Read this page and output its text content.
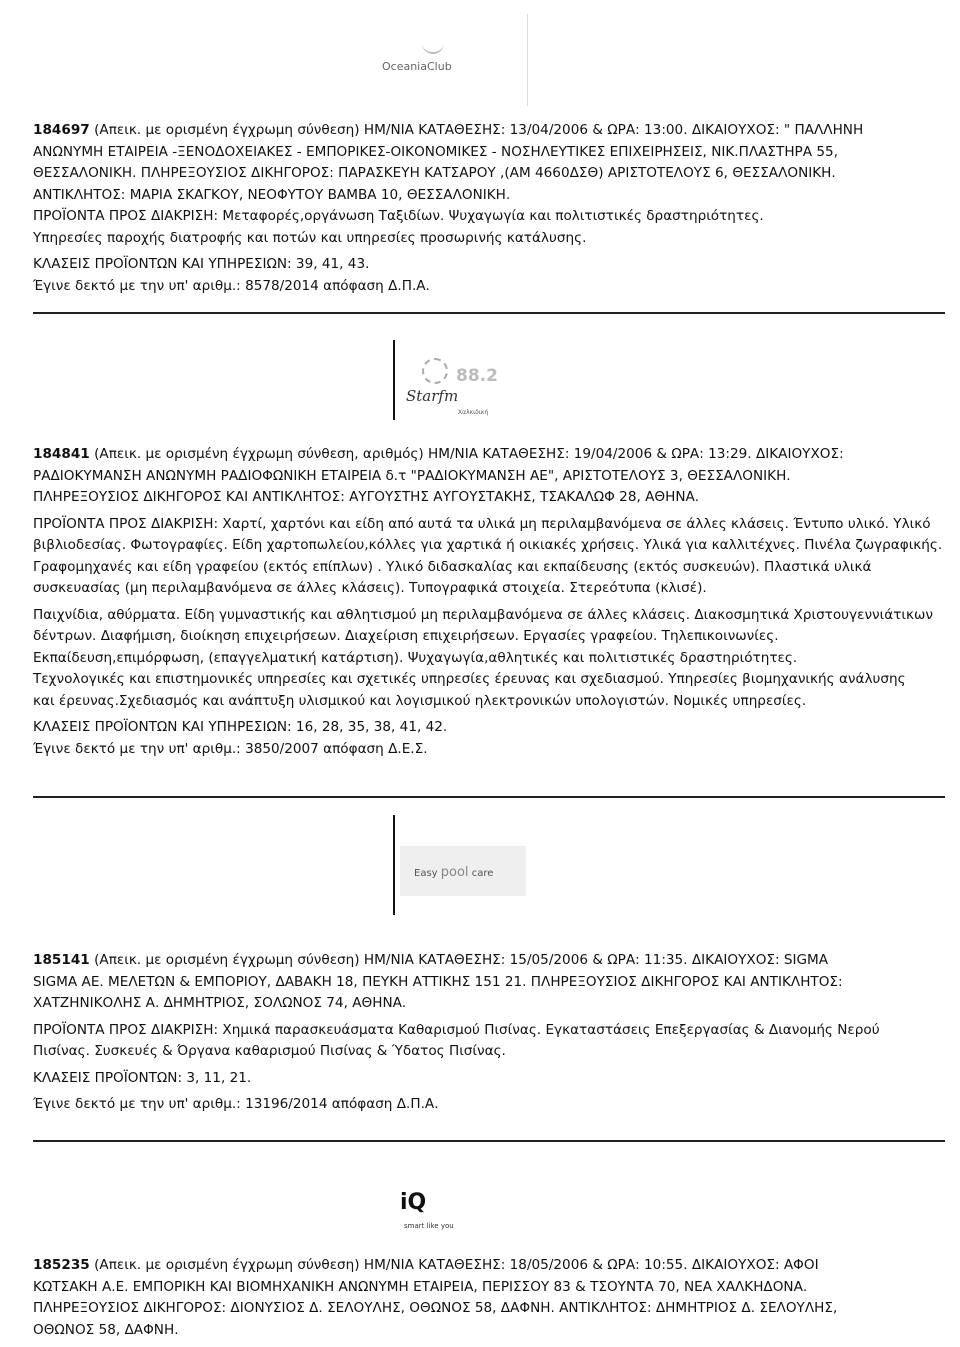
OceaniaClub

184697 (Απεικ. με ορισμένη έγχρωμη σύνθεση) ΗΜ/ΝΙΑ ΚΑΤΑΘΕΣΗΣ: 13/04/2006 & ΩΡΑ: 13:00. ΔΙΚΑΙΟΥΧΟΣ: " ΠΑΛΛΗΝΗ

ΑΝΩΝΥΜΗ ΕΤΑΙΡΕΙΑ -ΞΕΝΟΔΟΧΕΙΑΚΕΣ - ΕΜΠΟΡΙΚΕΣ-ΟΙΚΟΝΟΜΙΚΕΣ - ΝΟΣΗΛΕΥΤΙΚΕΣ ΕΠΙΧΕΙΡΗΣΕΙΣ, ΝΙΚ.ΠΛΑΣΤΗΡΑ 55,

ΘΕΣΣΑΛΟΝΙΚΗ. ΠΛΗΡΕΞΟΥΣΙΟΣ ΔΙΚΗΓΟΡΟΣ: ΠΑΡΑΣΚΕΥΗ ΚΑΤΣΑΡΟΥ ,(ΑΜ 4660ΔΣΘ) ΑΡΙΣΤΟΤΕΛΟΥΣ 6, ΘΕΣΣΑΛΟΝΙΚΗ.

ΑΝΤΙΚΛΗΤΟΣ: ΜΑΡΙΑ ΣΚΑΓΚΟΥ, ΝΕΟΦΥΤΟΥ ΒΑΜΒΑ 10, ΘΕΣΣΑΛΟΝΙΚΗ.

ΠΡΟΪΟΝΤΑ ΠΡΟΣ ΔΙΑΚΡΙΣΗ: Μεταφορές,οργάνωση Ταξιδίων. Ψυχαγωγία και πολιτιστικές δραστηριότητες.

Υπηρεσίες παροχής διατροφής και ποτών και υπηρεσίες προσωρινής κατάλυσης.

ΚΛΑΣΕΙΣ ΠΡΟΪΟΝΤΩΝ ΚΑΙ ΥΠΗΡΕΣΙΩΝ: 39, 41, 43.

Έγινε δεκτό με την υπ' αριθμ.: 8578/2014 απόφαση Δ.Π.Α.

88.2
Starfm
Χαλκιδική

184841 (Απεικ. με ορισμένη έγχρωμη σύνθεση, αριθμός) ΗΜ/ΝΙΑ ΚΑΤΑΘΕΣΗΣ: 19/04/2006 & ΩΡΑ: 13:29. ΔΙΚΑΙΟΥΧΟΣ:

ΡΑΔΙΟΚΥΜΑΝΣΗ ΑΝΩΝΥΜΗ ΡΑΔΙΟΦΩΝΙΚΗ ΕΤΑΙΡΕΙΑ δ.τ "ΡΑΔΙΟΚΥΜΑΝΣΗ ΑΕ", ΑΡΙΣΤΟΤΕΛΟΥΣ 3, ΘΕΣΣΑΛΟΝΙΚΗ.

ΠΛΗΡΕΞΟΥΣΙΟΣ ΔΙΚΗΓΟΡΟΣ ΚΑΙ ΑΝΤΙΚΛΗΤΟΣ: ΑΥΓΟΥΣΤΗΣ ΑΥΓΟΥΣΤΑΚΗΣ, ΤΣΑΚΑΛΩΦ 28, ΑΘΗΝΑ.

ΠΡΟΪΟΝΤΑ ΠΡΟΣ ΔΙΑΚΡΙΣΗ: Χαρτί, χαρτόνι και είδη από αυτά τα υλικά μη περιλαμβανόμενα σε άλλες κλάσεις. Έντυπο υλικό. Υλικό

βιβλιοδεσίας. Φωτογραφίες. Είδη χαρτοπωλείου,κόλλες για χαρτικά ή οικιακές χρήσεις. Υλικά για καλλιτέχνες. Πινέλα ζωγραφικής.

Γραφομηχανές και είδη γραφείου (εκτός επίπλων) . Υλικό διδασκαλίας και εκπαίδευσης (εκτός συσκευών). Πλαστικά υλικά

συσκευασίας (μη περιλαμβανόμενα σε άλλες κλάσεις). Τυπογραφικά στοιχεία. Στερεότυπα (κλισέ).

Παιχνίδια, αθύρματα. Είδη γυμναστικής και αθλητισμού μη περιλαμβανόμενα σε άλλες κλάσεις. Διακοσμητικά Χριστουγεννιάτικων

δέντρων. Διαφήμιση, διοίκηση επιχειρήσεων. Διαχείριση επιχειρήσεων. Εργασίες γραφείου. Τηλεπικοινωνίες.

Εκπαίδευση,επιμόρφωση, (επαγγελματική κατάρτιση). Ψυχαγωγία,αθλητικές και πολιτιστικές δραστηριότητες.

Τεχνολογικές και επιστημονικές υπηρεσίες και σχετικές υπηρεσίες έρευνας και σχεδιασμού. Υπηρεσίες βιομηχανικής ανάλυσης

και έρευνας.Σχεδιασμός και ανάπτυξη υλισμικού και λογισμικού ηλεκτρονικών υπολογιστών. Νομικές υπηρεσίες.

ΚΛΑΣΕΙΣ ΠΡΟΪΟΝΤΩΝ ΚΑΙ ΥΠΗΡΕΣΙΩΝ: 16, 28, 35, 38, 41, 42.

Έγινε δεκτό με την υπ' αριθμ.: 3850/2007 απόφαση Δ.Ε.Σ.

Easy pool care

185141 (Απεικ. με ορισμένη έγχρωμη σύνθεση) ΗΜ/ΝΙΑ ΚΑΤΑΘΕΣΗΣ: 15/05/2006 & ΩΡΑ: 11:35. ΔΙΚΑΙΟΥΧΟΣ: SIGMA

SIGMA ΑΕ. ΜΕΛΕΤΩΝ & ΕΜΠΟΡΙΟΥ, ΔΑΒΑΚΗ 18, ΠΕΥΚΗ ΑΤΤΙΚΗΣ 151 21. ΠΛΗΡΕΞΟΥΣΙΟΣ ΔΙΚΗΓΟΡΟΣ ΚΑΙ ΑΝΤΙΚΛΗΤΟΣ:

ΧΑΤΖΗΝΙΚΟΛΗΣ Α. ΔΗΜΗΤΡΙΟΣ, ΣΟΛΩΝΟΣ 74, ΑΘΗΝΑ.

ΠΡΟΪΟΝΤΑ ΠΡΟΣ ΔΙΑΚΡΙΣΗ: Χημικά παρασκευάσματα Καθαρισμού Πισίνας. Εγκαταστάσεις Επεξεργασίας & Διανομής Νερού

Πισίνας. Συσκευές & Όργανα καθαρισμού Πισίνας & Ύδατος Πισίνας.

ΚΛΑΣΕΙΣ ΠΡΟΪΟΝΤΩΝ: 3, 11, 21.

Έγινε δεκτό με την υπ' αριθμ.: 13196/2014 απόφαση Δ.Π.Α.

iQ
smart like you

185235 (Απεικ. με ορισμένη έγχρωμη σύνθεση) ΗΜ/ΝΙΑ ΚΑΤΑΘΕΣΗΣ: 18/05/2006 & ΩΡΑ: 10:55. ΔΙΚΑΙΟΥΧΟΣ: ΑΦΟΙ

ΚΩΤΣΑΚΗ Α.Ε. ΕΜΠΟΡΙΚΗ ΚΑΙ ΒΙΟΜΗΧΑΝΙΚΗ ΑΝΩΝΥΜΗ ΕΤΑΙΡΕΙΑ, ΠΕΡΙΣΣΟΥ 83 & ΤΣΟΥΝΤΑ 70, ΝΕΑ ΧΑΛΚΗΔΟΝΑ.

ΠΛΗΡΕΞΟΥΣΙΟΣ ΔΙΚΗΓΟΡΟΣ: ΔΙΟΝΥΣΙΟΣ Δ. ΣΕΛΟΥΛΗΣ, ΟΘΩΝΟΣ 58, ΔΑΦΝΗ. ΑΝΤΙΚΛΗΤΟΣ: ΔΗΜΗΤΡΙΟΣ Δ. ΣΕΛΟΥΛΗΣ,

ΟΘΩΝΟΣ 58, ΔΑΦΝΗ.
